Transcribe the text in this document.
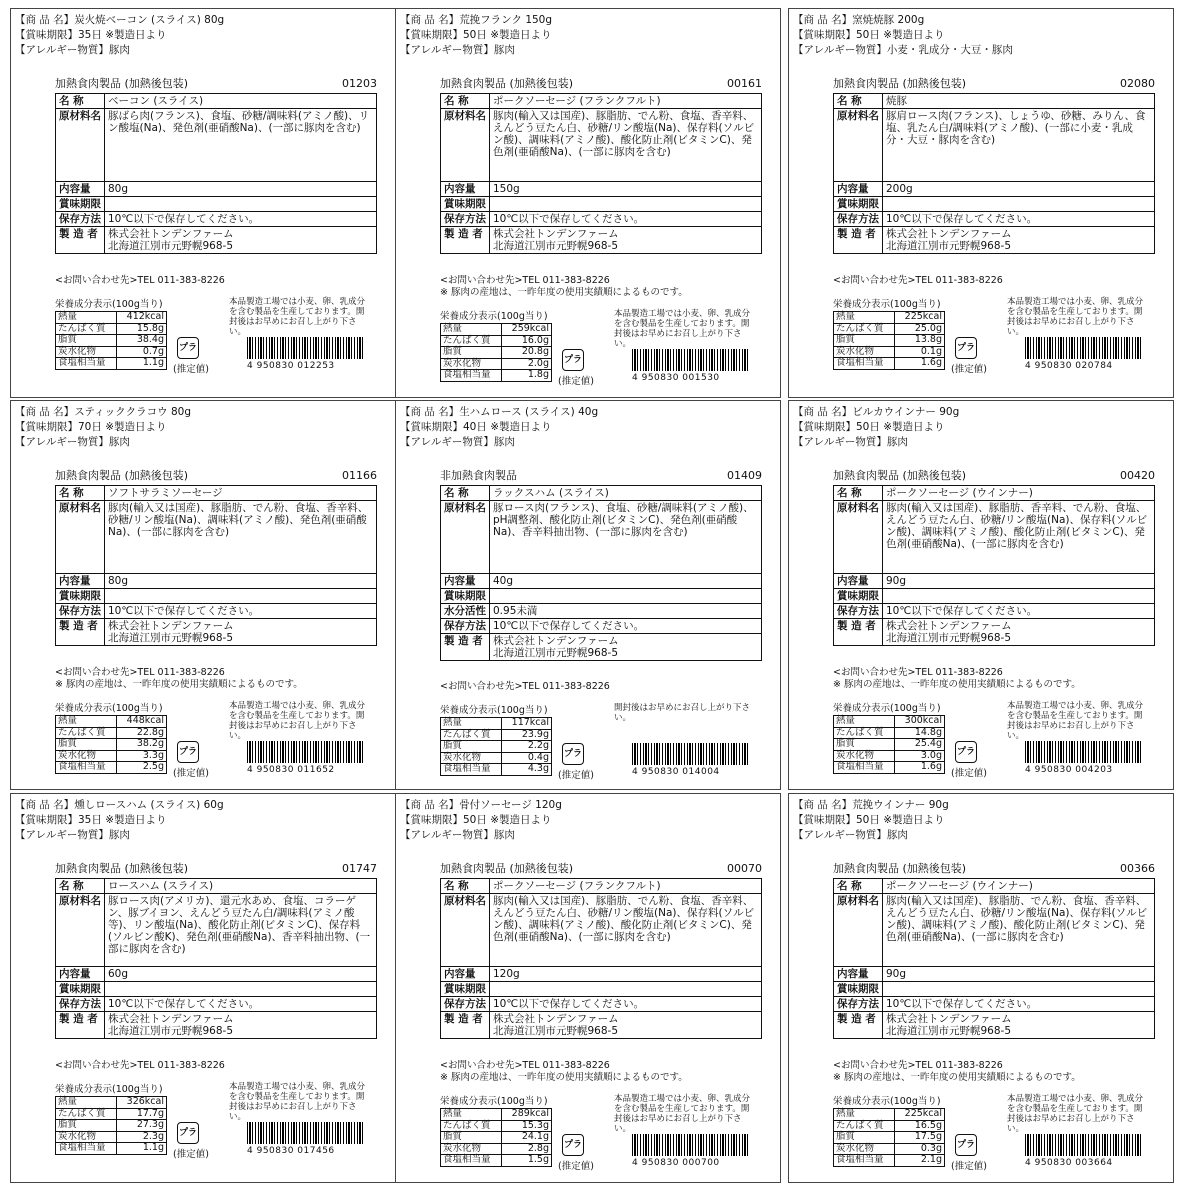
【商 品 名】炭火焼ベーコン (スライス) 80g
【賞味期限】35日 ※製造日より
【アレルギー物質】豚肉
加熱食肉製品 (加熱後包装)	01203
名 称	ベーコン (スライス)
原材料名	豚ばら肉(フランス)、食塩、砂糖/調味料(アミノ酸)、リン酸塩(Na)、発色剤(亜硝酸Na)、(一部に豚肉を含む)
内容量	80g
賞味期限	
保存方法	10℃以下で保存してください。
製 造 者	株式会社トンデンファーム
北海道江別市元野幌968-5
<お問い合わせ先>TEL 011-383-8226
本品製造工場では小麦、卵、乳成分を含む製品を生産しております。開封後はお早めにお召し上がり下さい。
栄養成分表示(100g当り)
熱量	412kcal
たんぱく質	15.8g
脂質	38.4g
炭水化物	0.7g
食塩相当量	1.1g
プラ
(推定値)	4 950830 012253
【商 品 名】荒挽フランク 150g
【賞味期限】50日 ※製造日より
【アレルギー物質】豚肉
加熱食肉製品 (加熱後包装)	00161
名 称	ポークソーセージ (フランクフルト)
原材料名	豚肉(輸入又は国産)、豚脂肪、でん粉、食塩、香辛料、えんどう豆たん白、砂糖/リン酸塩(Na)、保存料(ソルビン酸)、調味料(アミノ酸)、酸化防止剤(ビタミンC)、発色剤(亜硝酸Na)、(一部に豚肉を含む)
内容量	150g
賞味期限	
保存方法	10℃以下で保存してください。
製 造 者	株式会社トンデンファーム
北海道江別市元野幌968-5
<お問い合わせ先>TEL 011-383-8226
※ 豚肉の産地は、一昨年度の使用実績順によるものです。
本品製造工場では小麦、卵、乳成分を含む製品を生産しております。開封後はお早めにお召し上がり下さい。
栄養成分表示(100g当り)
熱量	259kcal
たんぱく質	16.0g
脂質	20.8g
炭水化物	2.0g
食塩相当量	1.8g
プラ
(推定値)	4 950830 001530
【商 品 名】窯焼焼豚 200g
【賞味期限】50日 ※製造日より
【アレルギー物質】小麦・乳成分・大豆・豚肉
加熱食肉製品 (加熱後包装)	02080
名 称	焼豚
原材料名	豚肩ロース肉(フランス)、しょうゆ、砂糖、みりん、食塩、乳たん白/調味料(アミノ酸)、(一部に小麦・乳成分・大豆・豚肉を含む)
内容量	200g
賞味期限	
保存方法	10℃以下で保存してください。
製 造 者	株式会社トンデンファーム
北海道江別市元野幌968-5
<お問い合わせ先>TEL 011-383-8226
本品製造工場では小麦、卵、乳成分を含む製品を生産しております。開封後はお早めにお召し上がり下さい。
栄養成分表示(100g当り)
熱量	225kcal
たんぱく質	25.0g
脂質	13.8g
炭水化物	0.1g
食塩相当量	1.6g
プラ
(推定値)	4 950830 020784
【商 品 名】スティッククラコウ 80g
【賞味期限】70日 ※製造日より
【アレルギー物質】豚肉
加熱食肉製品 (加熱後包装)	01166
名 称	ソフトサラミソーセージ
原材料名	豚肉(輸入又は国産)、豚脂肪、でん粉、食塩、香辛料、砂糖/リン酸塩(Na)、調味料(アミノ酸)、発色剤(亜硝酸Na)、(一部に豚肉を含む)
内容量	80g
賞味期限	
保存方法	10℃以下で保存してください。
製 造 者	株式会社トンデンファーム
北海道江別市元野幌968-5
<お問い合わせ先>TEL 011-383-8226
※ 豚肉の産地は、一昨年度の使用実績順によるものです。
本品製造工場では小麦、卵、乳成分を含む製品を生産しております。開封後はお早めにお召し上がり下さい。
栄養成分表示(100g当り)
熱量	448kcal
たんぱく質	22.8g
脂質	38.2g
炭水化物	3.3g
食塩相当量	2.5g
プラ
(推定値)	4 950830 011652
【商 品 名】生ハムロース (スライス) 40g
【賞味期限】40日 ※製造日より
【アレルギー物質】豚肉
非加熱食肉製品	01409
名 称	ラックスハム (スライス)
原材料名	豚ロース肉(フランス)、食塩、砂糖/調味料(アミノ酸)、pH調整剤、酸化防止剤(ビタミンC)、発色剤(亜硝酸Na)、香辛料抽出物、(一部に豚肉を含む)
内容量	40g
賞味期限	
水分活性	0.95未満
保存方法	10℃以下で保存してください。
製 造 者	株式会社トンデンファーム
北海道江別市元野幌968-5
<お問い合わせ先>TEL 011-383-8226
開封後はお早めにお召し上がり下さい。
栄養成分表示(100g当り)
熱量	117kcal
たんぱく質	23.9g
脂質	2.2g
炭水化物	0.4g
食塩相当量	4.3g
プラ
(推定値)	4 950830 014004
【商 品 名】ビルカウインナー 90g
【賞味期限】50日 ※製造日より
【アレルギー物質】豚肉
加熱食肉製品 (加熱後包装)	00420
名 称	ポークソーセージ (ウインナー)
原材料名	豚肉(輸入又は国産)、豚脂肪、香辛料、でん粉、食塩、えんどう豆たん白、砂糖/リン酸塩(Na)、保存料(ソルビン酸)、調味料(アミノ酸)、酸化防止剤(ビタミンC)、発色剤(亜硝酸Na)、(一部に豚肉を含む)
内容量	90g
賞味期限	
保存方法	10℃以下で保存してください。
製 造 者	株式会社トンデンファーム
北海道江別市元野幌968-5
<お問い合わせ先>TEL 011-383-8226
※ 豚肉の産地は、一昨年度の使用実績順によるものです。
本品製造工場では小麦、卵、乳成分を含む製品を生産しております。開封後はお早めにお召し上がり下さい。
栄養成分表示(100g当り)
熱量	300kcal
たんぱく質	14.8g
脂質	25.4g
炭水化物	3.0g
食塩相当量	1.6g
プラ
(推定値)	4 950830 004203
【商 品 名】燻しロースハム (スライス) 60g
【賞味期限】35日 ※製造日より
【アレルギー物質】豚肉
加熱食肉製品 (加熱後包装)	01747
名 称	ロースハム (スライス)
原材料名	豚ロース肉(アメリカ)、還元水あめ、食塩、コラーゲン、豚ブイヨン、えんどう豆たん白/調味料(アミノ酸等)、リン酸塩(Na)、酸化防止剤(ビタミンC)、保存料(ソルビン酸K)、発色剤(亜硝酸Na)、香辛料抽出物、(一部に豚肉を含む)
内容量	60g
賞味期限	
保存方法	10℃以下で保存してください。
製 造 者	株式会社トンデンファーム
北海道江別市元野幌968-5
<お問い合わせ先>TEL 011-383-8226
本品製造工場では小麦、卵、乳成分を含む製品を生産しております。開封後はお早めにお召し上がり下さい。
栄養成分表示(100g当り)
熱量	326kcal
たんぱく質	17.7g
脂質	27.3g
炭水化物	2.3g
食塩相当量	1.1g
プラ
(推定値)	4 950830 017456
【商 品 名】骨付ソーセージ 120g
【賞味期限】50日 ※製造日より
【アレルギー物質】豚肉
加熱食肉製品 (加熱後包装)	00070
名 称	ポークソーセージ (フランクフルト)
原材料名	豚肉(輸入又は国産)、豚脂肪、でん粉、食塩、香辛料、えんどう豆たん白、砂糖/リン酸塩(Na)、保存料(ソルビン酸)、調味料(アミノ酸)、酸化防止剤(ビタミンC)、発色剤(亜硝酸Na)、(一部に豚肉を含む)
内容量	120g
賞味期限	
保存方法	10℃以下で保存してください。
製 造 者	株式会社トンデンファーム
北海道江別市元野幌968-5
<お問い合わせ先>TEL 011-383-8226
※ 豚肉の産地は、一昨年度の使用実績順によるものです。
本品製造工場では小麦、卵、乳成分を含む製品を生産しております。開封後はお早めにお召し上がり下さい。
栄養成分表示(100g当り)
熱量	289kcal
たんぱく質	15.3g
脂質	24.1g
炭水化物	2.8g
食塩相当量	1.5g
プラ
(推定値)	4 950830 000700
【商 品 名】荒挽ウインナー 90g
【賞味期限】50日 ※製造日より
【アレルギー物質】豚肉
加熱食肉製品 (加熱後包装)	00366
名 称	ポークソーセージ (ウインナー)
原材料名	豚肉(輸入又は国産)、豚脂肪、でん粉、食塩、香辛料、えんどう豆たん白、砂糖/リン酸塩(Na)、保存料(ソルビン酸)、調味料(アミノ酸)、酸化防止剤(ビタミンC)、発色剤(亜硝酸Na)、(一部に豚肉を含む)
内容量	90g
賞味期限	
保存方法	10℃以下で保存してください。
製 造 者	株式会社トンデンファーム
北海道江別市元野幌968-5
<お問い合わせ先>TEL 011-383-8226
※ 豚肉の産地は、一昨年度の使用実績順によるものです。
本品製造工場では小麦、卵、乳成分を含む製品を生産しております。開封後はお早めにお召し上がり下さい。
栄養成分表示(100g当り)
熱量	225kcal
たんぱく質	16.5g
脂質	17.5g
炭水化物	0.3g
食塩相当量	2.1g
プラ
(推定値)	4 950830 003664
